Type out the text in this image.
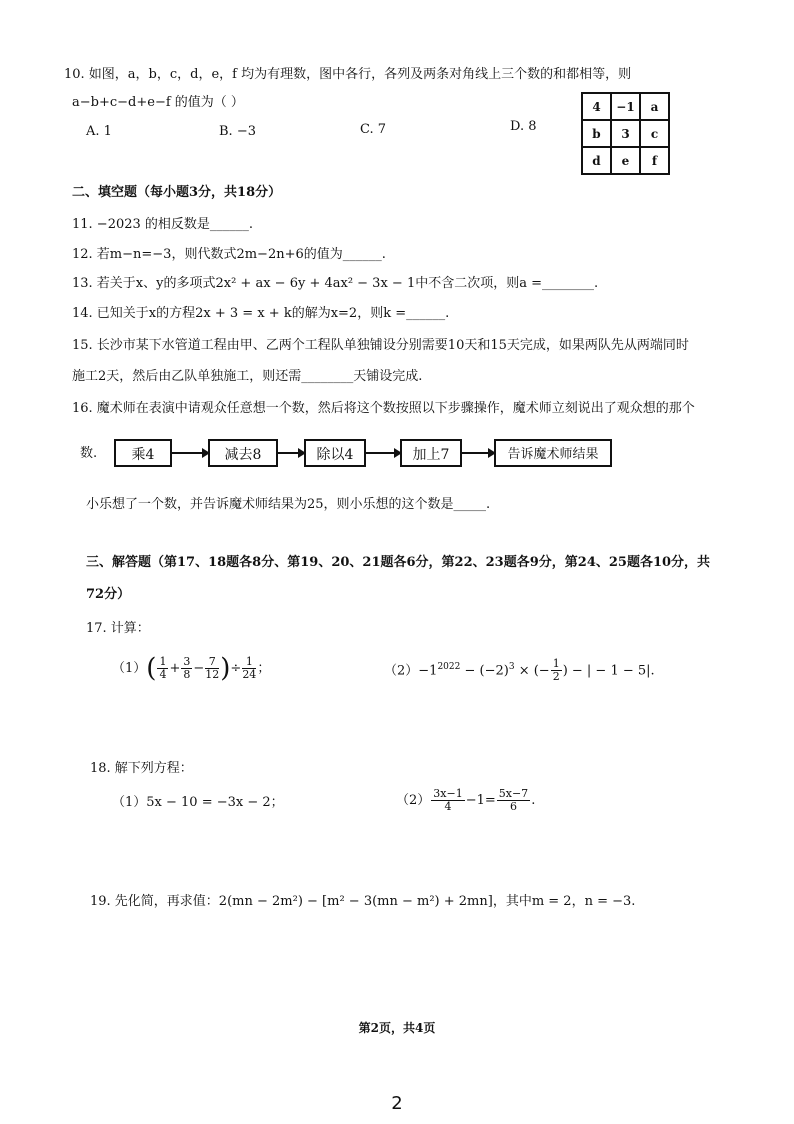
10. 如图，a，b，c，d，e，f 均为有理数，图中各行，各列及两条对角线上三个数的和都相等，则
a−b+c−d+e−f 的值为（ ）
A. 1	B. −3	C. 7	D. 8
4	−1	a
b	3	c
d	e	f
二、填空题（每小题3分，共18分）
11. −2023 的相反数是______.
12. 若m−n=−3，则代数式2m−2n+6的值为______.
13. 若关于x、y的多项式2x² + ax − 6y + 4ax² − 3x − 1中不含二次项，则a =________.
14. 已知关于x的方程2x + 3 = x + k的解为x=2，则k =______.
15. 长沙市某下水管道工程由甲、乙两个工程队单独铺设分别需要10天和15天完成，如果两队先从两端同时
施工2天，然后由乙队单独施工，则还需________天铺设完成.
16. 魔术师在表演中请观众任意想一个数，然后将这个数按照以下步骤操作，魔术师立刻说出了观众想的那个
数.	乘4	减去8	除以4	加上7	告诉魔术师结果
小乐想了一个数，并告诉魔术师结果为25，则小乐想的这个数是_____.
三、解答题（第17、18题各8分、第19、20、21题各6分，第22、23题各9分，第24、25题各10分，共
72分）
17. 计算：
$(1)( \frac{1}{4} + \frac{3}{8} - \frac{7}{12}$ )÷ $\frac{1}{24}$ ；	$(2)-1^{2022} - (-2)^3$ × (− $\frac{1}{2}$ ) − | − 1 − 5|.
18. 解下列方程：
（1）5x − 10 = −3x − 2；	$(2) \frac{3x-1}{4} -1= \frac{5x-7}{6}$ .
19. 先化简，再求值：2(mn − 2m²) − [m² − 3(mn − m²) + 2mn]，其中m = 2，n = −3.
第2页，共4页
2
